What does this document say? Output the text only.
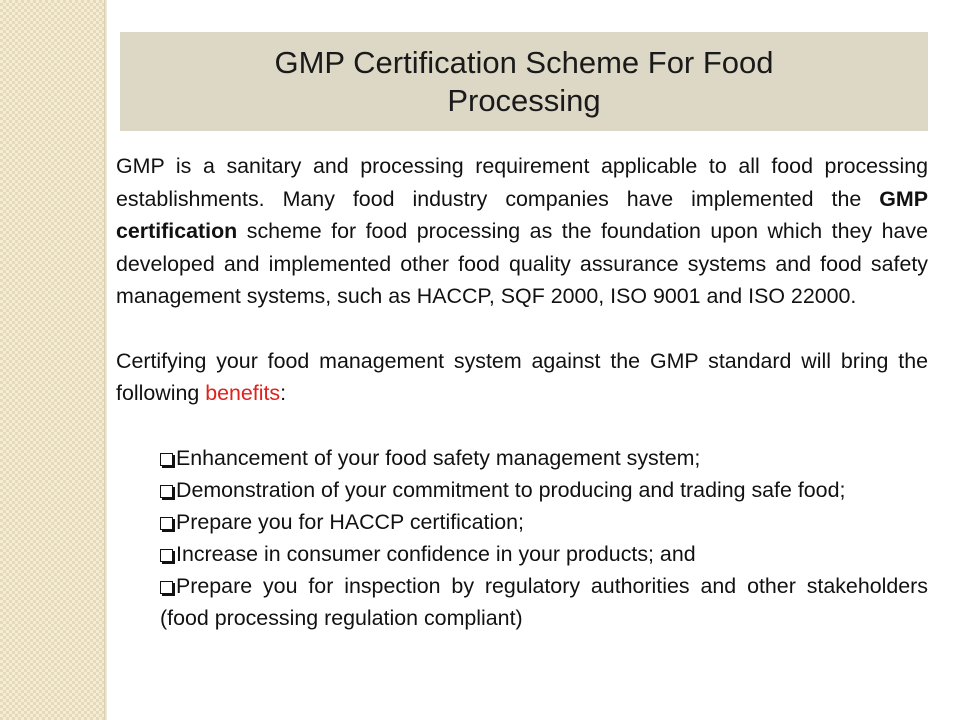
GMP Certification Scheme For Food Processing

GMP is a sanitary and processing requirement applicable to all food processing establishments. Many food industry companies have implemented the GMP certification scheme for food processing as the foundation upon which they have developed and implemented other food quality assurance systems and food safety management systems, such as HACCP, SQF 2000, ISO 9001 and ISO 22000.

Certifying your food management system against the GMP standard will bring the following benefits:

Enhancement of your food safety management system;
Demonstration of your commitment to producing and trading safe food;
Prepare you for HACCP certification;
Increase in consumer confidence in your products; and
Prepare you for inspection by regulatory authorities and other stakeholders (food processing regulation compliant)
